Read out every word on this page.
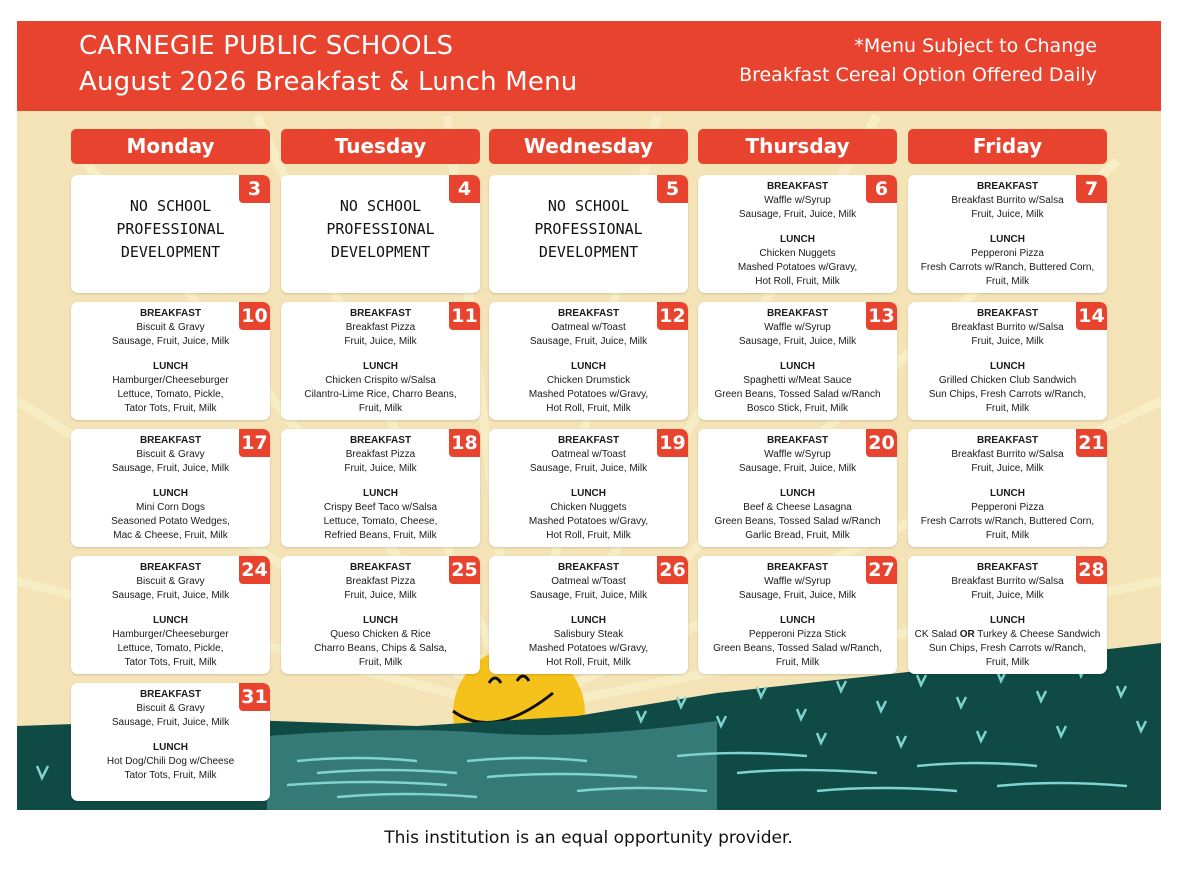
CARNEGIE PUBLIC SCHOOLS
August 2026 Breakfast & Lunch Menu
*Menu Subject to Change
Breakfast Cereal Option Offered Daily
Monday	Tuesday	Wednesday	Thursday	Friday
3
NO SCHOOL
PROFESSIONAL
DEVELOPMENT
4
NO SCHOOL
PROFESSIONAL
DEVELOPMENT
5
NO SCHOOL
PROFESSIONAL
DEVELOPMENT
6
BREAKFAST
Waffle w/Syrup
Sausage, Fruit, Juice, Milk
LUNCH
Chicken Nuggets
Mashed Potatoes w/Gravy,
Hot Roll, Fruit, Milk
7
BREAKFAST
Breakfast Burrito w/Salsa
Fruit, Juice, Milk
LUNCH
Pepperoni Pizza
Fresh Carrots w/Ranch, Buttered Corn,
Fruit, Milk
10
BREAKFAST
Biscuit & Gravy
Sausage, Fruit, Juice, Milk
LUNCH
Hamburger/Cheeseburger
Lettuce, Tomato, Pickle,
Tator Tots, Fruit, Milk
11
BREAKFAST
Breakfast Pizza
Fruit, Juice, Milk
LUNCH
Chicken Crispito w/Salsa
Cilantro-Lime Rice, Charro Beans,
Fruit, Milk
12
BREAKFAST
Oatmeal w/Toast
Sausage, Fruit, Juice, Milk
LUNCH
Chicken Drumstick
Mashed Potatoes w/Gravy,
Hot Roll, Fruit, Milk
13
BREAKFAST
Waffle w/Syrup
Sausage, Fruit, Juice, Milk
LUNCH
Spaghetti w/Meat Sauce
Green Beans, Tossed Salad w/Ranch
Bosco Stick, Fruit, Milk
14
BREAKFAST
Breakfast Burrito w/Salsa
Fruit, Juice, Milk
LUNCH
Grilled Chicken Club Sandwich
Sun Chips, Fresh Carrots w/Ranch,
Fruit, Milk
17
BREAKFAST
Biscuit & Gravy
Sausage, Fruit, Juice, Milk
LUNCH
Mini Corn Dogs
Seasoned Potato Wedges,
Mac & Cheese, Fruit, Milk
18
BREAKFAST
Breakfast Pizza
Fruit, Juice, Milk
LUNCH
Crispy Beef Taco w/Salsa
Lettuce, Tomato, Cheese,
Refried Beans, Fruit, Milk
19
BREAKFAST
Oatmeal w/Toast
Sausage, Fruit, Juice, Milk
LUNCH
Chicken Nuggets
Mashed Potatoes w/Gravy,
Hot Roll, Fruit, Milk
20
BREAKFAST
Waffle w/Syrup
Sausage, Fruit, Juice, Milk
LUNCH
Beef & Cheese Lasagna
Green Beans, Tossed Salad w/Ranch
Garlic Bread, Fruit, Milk
21
BREAKFAST
Breakfast Burrito w/Salsa
Fruit, Juice, Milk
LUNCH
Pepperoni Pizza
Fresh Carrots w/Ranch, Buttered Corn,
Fruit, Milk
24
BREAKFAST
Biscuit & Gravy
Sausage, Fruit, Juice, Milk
LUNCH
Hamburger/Cheeseburger
Lettuce, Tomato, Pickle,
Tator Tots, Fruit, Milk
25
BREAKFAST
Breakfast Pizza
Fruit, Juice, Milk
LUNCH
Queso Chicken & Rice
Charro Beans, Chips & Salsa,
Fruit, Milk
26
BREAKFAST
Oatmeal w/Toast
Sausage, Fruit, Juice, Milk
LUNCH
Salisbury Steak
Mashed Potatoes w/Gravy,
Hot Roll, Fruit, Milk
27
BREAKFAST
Waffle w/Syrup
Sausage, Fruit, Juice, Milk
LUNCH
Pepperoni Pizza Stick
Green Beans, Tossed Salad w/Ranch,
Fruit, Milk
28
BREAKFAST
Breakfast Burrito w/Salsa
Fruit, Juice, Milk
LUNCH
CK Salad OR Turkey & Cheese Sandwich
Sun Chips, Fresh Carrots w/Ranch,
Fruit, Milk
31
BREAKFAST
Biscuit & Gravy
Sausage, Fruit, Juice, Milk
LUNCH
Hot Dog/Chili Dog w/Cheese
Tator Tots, Fruit, Milk
This institution is an equal opportunity provider.
